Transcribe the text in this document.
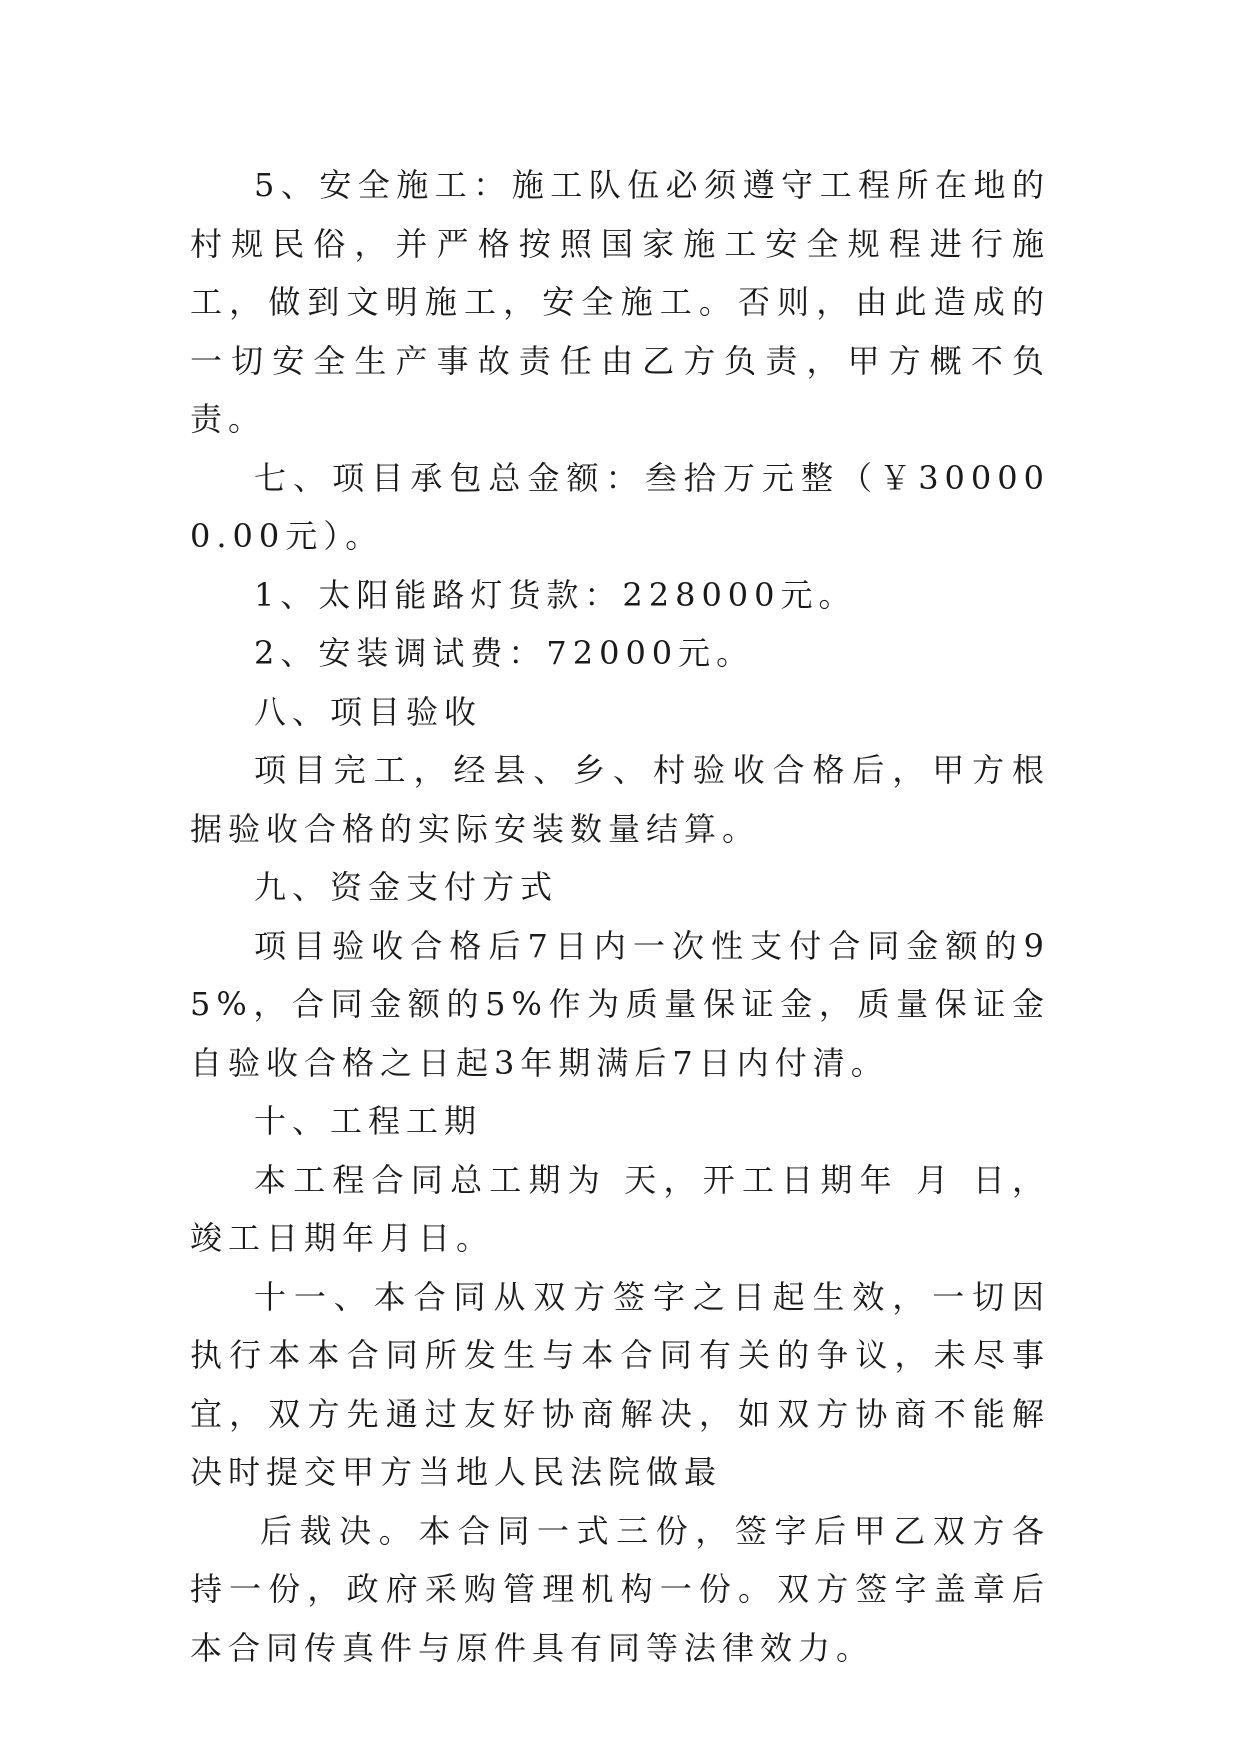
5、安全施工：施工队伍必须遵守工程所在地的村规民俗，并严格按照国家施工安全规程进行施工，做到文明施工，安全施工。否则，由此造成的一切安全生产事故责任由乙方负责，甲方概不负责。

七、项目承包总金额：叁拾万元整（￥300000.00元）。

1、太阳能路灯货款：228000元。

2、安装调试费：72000元。

八、项目验收

项目完工，经县、乡、村验收合格后，甲方根据验收合格的实际安装数量结算。

九、资金支付方式

项目验收合格后7日内一次性支付合同金额的95%，合同金额的5%作为质量保证金，质量保证金自验收合格之日起3年期满后7日内付清。

十、工程工期

本工程合同总工期为 天，开工日期年 月 日，竣工日期年月日。

十一、本合同从双方签字之日起生效，一切因执行本本合同所发生与本合同有关的争议，未尽事宜，双方先通过友好协商解决，如双方协商不能解决时提交甲方当地人民法院做最

后裁决。本合同一式三份，签字后甲乙双方各持一份，政府采购管理机构一份。双方签字盖章后本合同传真件与原件具有同等法律效力。
